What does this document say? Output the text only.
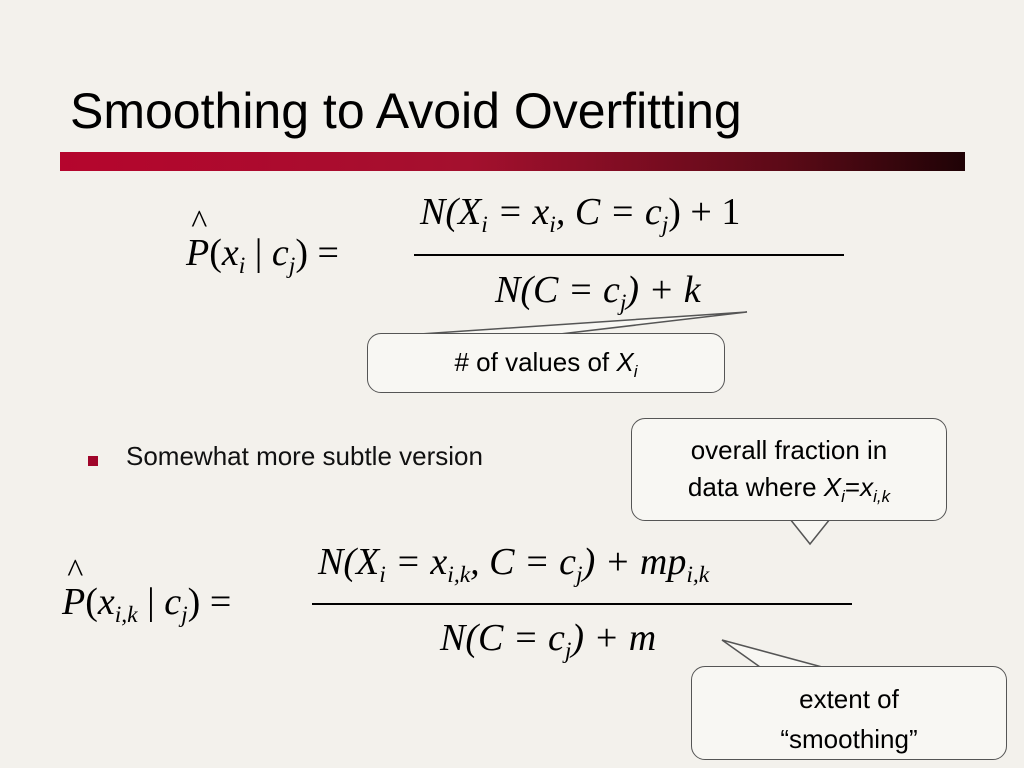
Smoothing to Avoid Overfitting
P
^
($x_i$ | $c_j$) =
$N(X_i = x_i$, $C = c_j) + 1$
$N(C = c_j) + k$
# of values of $X_i$
Somewhat more subtle version	overall fraction in
data where $X_i=x_{i,k}$
P
^
($x_{i,k}$ | $c_j$) =
$N(X_i = x_{i,k}$, $C = c_j) + mp_{i,k}$
$N(C = c_j) + m$
extent of
“smoothing”
